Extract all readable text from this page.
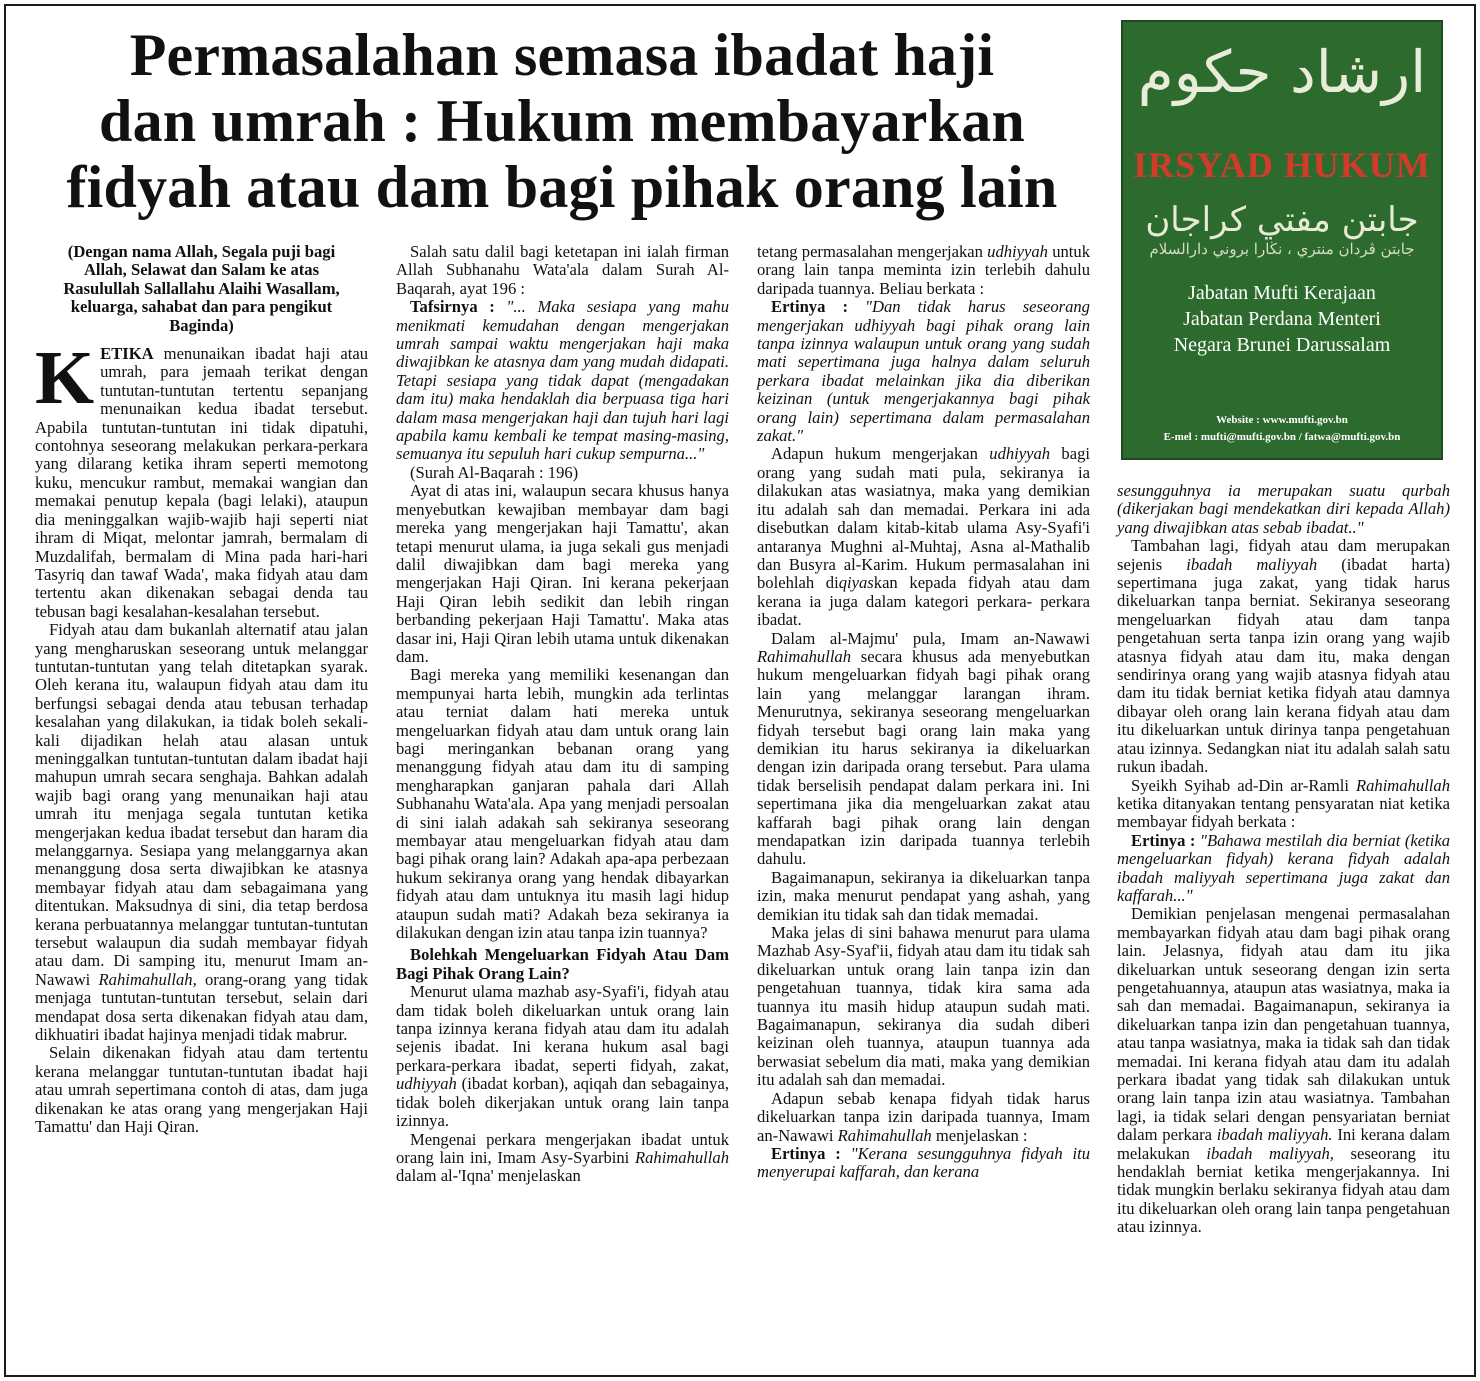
Permasalahan semasa ibadat haji
dan umrah : Hukum membayarkan
fidyah atau dam bagi pihak orang lain
ارشاد حكوم
IRSYAD HUKUM
جابتن مفتي كراجان
جابتن ڤردان منتري ، نڬارا بروني دارالسلام
Jabatan Mufti Kerajaan
Jabatan Perdana Menteri
Negara Brunei Darussalam
Website : www.mufti.gov.bn
E-mel : mufti@mufti.gov.bn / fatwa@mufti.gov.bn

(Dengan nama Allah, Segala puji bagi Allah, Selawat dan Salam ke atas Rasulullah Sallallahu Alaihi Wasallam, keluarga, sahabat dan para pengikut Baginda)

KETIKA menunaikan ibadat haji atau umrah, para jemaah terikat dengan tuntutan-tuntutan tertentu sepanjang menunaikan kedua ibadat tersebut. Apabila tuntutan-tuntutan ini tidak dipatuhi, contohnya seseorang melakukan perkara-perkara yang dilarang ketika ihram seperti memotong kuku, mencukur rambut, memakai wangian dan memakai penutup kepala (bagi lelaki), ataupun dia meninggalkan wajib-wajib haji seperti niat ihram di Miqat, melontar jamrah, bermalam di Muzdalifah, bermalam di Mina pada hari-hari Tasyriq dan tawaf Wada', maka fidyah atau dam tertentu akan dikenakan sebagai denda tau tebusan bagi kesalahan-kesalahan tersebut.

Fidyah atau dam bukanlah alternatif atau jalan yang mengharuskan seseorang untuk melanggar tuntutan-tuntutan yang telah ditetapkan syarak. Oleh kerana itu, walaupun fidyah atau dam itu berfungsi sebagai denda atau tebusan terhadap kesalahan yang dilakukan, ia tidak boleh sekali-kali dijadikan helah atau alasan untuk meninggalkan tuntutan-tuntutan dalam ibadat haji mahupun umrah secara senghaja. Bahkan adalah wajib bagi orang yang menunaikan haji atau umrah itu menjaga segala tuntutan ketika mengerjakan kedua ibadat tersebut dan haram dia melanggarnya. Sesiapa yang melanggarnya akan menanggung dosa serta diwajibkan ke atasnya membayar fidyah atau dam sebagaimana yang ditentukan. Maksudnya di sini, dia tetap berdosa kerana perbuatannya melanggar tuntutan-tuntutan tersebut walaupun dia sudah membayar fidyah atau dam. Di samping itu, menurut Imam an-Nawawi Rahimahullah, orang-orang yang tidak menjaga tuntutan-tuntutan tersebut, selain dari mendapat dosa serta dikenakan fidyah atau dam, dikhuatiri ibadat hajinya menjadi tidak mabrur.

Selain dikenakan fidyah atau dam tertentu kerana melanggar tuntutan-tuntutan ibadat haji atau umrah sepertimana contoh di atas, dam juga dikenakan ke atas orang yang mengerjakan Haji Tamattu' dan Haji Qiran.

Salah satu dalil bagi ketetapan ini ialah firman Allah Subhanahu Wata'ala dalam Surah Al-Baqarah, ayat 196 :

Tafsirnya : "... Maka sesiapa yang mahu menikmati kemudahan dengan mengerjakan umrah sampai waktu mengerjakan haji maka diwajibkan ke atasnya dam yang mudah didapati. Tetapi sesiapa yang tidak dapat (mengadakan dam itu) maka hendaklah dia berpuasa tiga hari dalam masa mengerjakan haji dan tujuh hari lagi apabila kamu kembali ke tempat masing-masing, semuanya itu sepuluh hari cukup sempurna..."

(Surah Al-Baqarah : 196)

Ayat di atas ini, walaupun secara khusus hanya menyebutkan kewajiban membayar dam bagi mereka yang mengerjakan haji Tamattu', akan tetapi menurut ulama, ia juga sekali gus menjadi dalil diwajibkan dam bagi mereka yang mengerjakan Haji Qiran. Ini kerana pekerjaan Haji Qiran lebih sedikit dan lebih ringan berbanding pekerjaan Haji Tamattu'. Maka atas dasar ini, Haji Qiran lebih utama untuk dikenakan dam.

Bagi mereka yang memiliki kesenangan dan mempunyai harta lebih, mungkin ada terlintas atau terniat dalam hati mereka untuk mengeluarkan fidyah atau dam untuk orang lain bagi meringankan bebanan orang yang menanggung fidyah atau dam itu di samping mengharapkan ganjaran pahala dari Allah Subhanahu Wata'ala. Apa yang menjadi persoalan di sini ialah adakah sah sekiranya seseorang membayar atau mengeluarkan fidyah atau dam bagi pihak orang lain? Adakah apa-apa perbezaan hukum sekiranya orang yang hendak dibayarkan fidyah atau dam untuknya itu masih lagi hidup ataupun sudah mati? Adakah beza sekiranya ia dilakukan dengan izin atau tanpa izin tuannya?

Bolehkah Mengeluarkan Fidyah Atau Dam Bagi Pihak Orang Lain?

Menurut ulama mazhab asy-Syafi'i, fidyah atau dam tidak boleh dikeluarkan untuk orang lain tanpa izinnya kerana fidyah atau dam itu adalah sejenis ibadat. Ini kerana hukum asal bagi perkara-perkara ibadat, seperti fidyah, zakat, udhiyyah (ibadat korban), aqiqah dan sebagainya, tidak boleh dikerjakan untuk orang lain tanpa izinnya.

Mengenai perkara mengerjakan ibadat untuk orang lain ini, Imam Asy-Syarbini Rahimahullah dalam al-'Iqna' menjelaskan

tetang permasalahan mengerjakan udhiyyah untuk orang lain tanpa meminta izin terlebih dahulu daripada tuannya. Beliau berkata :

Ertinya : "Dan tidak harus seseorang mengerjakan udhiyyah bagi pihak orang lain tanpa izinnya walaupun untuk orang yang sudah mati sepertimana juga halnya dalam seluruh perkara ibadat melainkan jika dia diberikan keizinan (untuk mengerjakannya bagi pihak orang lain) sepertimana dalam permasalahan zakat."

Adapun hukum mengerjakan udhiyyah bagi orang yang sudah mati pula, sekiranya ia dilakukan atas wasiatnya, maka yang demikian itu adalah sah dan memadai. Perkara ini ada disebutkan dalam kitab-kitab ulama Asy-Syafi'i antaranya Mughni al-Muhtaj, Asna al-Mathalib dan Busyra al-Karim. Hukum permasalahan ini bolehlah diqiyaskan kepada fidyah atau dam kerana ia juga dalam kategori perkara- perkara ibadat.

Dalam al-Majmu' pula, Imam an-Nawawi Rahimahullah secara khusus ada menyebutkan hukum mengeluarkan fidyah bagi pihak orang lain yang melanggar larangan ihram. Menurutnya, sekiranya seseorang mengeluarkan fidyah tersebut bagi orang lain maka yang demikian itu harus sekiranya ia dikeluarkan dengan izin daripada orang tersebut. Para ulama tidak berselisih pendapat dalam perkara ini. Ini sepertimana jika dia mengeluarkan zakat atau kaffarah bagi pihak orang lain dengan mendapatkan izin daripada tuannya terlebih dahulu.

Bagaimanapun, sekiranya ia dikeluarkan tanpa izin, maka menurut pendapat yang ashah, yang demikian itu tidak sah dan tidak memadai.

Maka jelas di sini bahawa menurut para ulama Mazhab Asy-Syaf'ii, fidyah atau dam itu tidak sah dikeluarkan untuk orang lain tanpa izin dan pengetahuan tuannya, tidak kira sama ada tuannya itu masih hidup ataupun sudah mati. Bagaimanapun, sekiranya dia sudah diberi keizinan oleh tuannya, ataupun tuannya ada berwasiat sebelum dia mati, maka yang demikian itu adalah sah dan memadai.

Adapun sebab kenapa fidyah tidak harus dikeluarkan tanpa izin daripada tuannya, Imam an-Nawawi Rahimahullah menjelaskan :

Ertinya : "Kerana sesungguhnya fidyah itu menyerupai kaffarah, dan kerana

sesungguhnya ia merupakan suatu qurbah (dikerjakan bagi mendekatkan diri kepada Allah) yang diwajibkan atas sebab ibadat.."

Tambahan lagi, fidyah atau dam merupakan sejenis ibadah maliyyah (ibadat harta) sepertimana juga zakat, yang tidak harus dikeluarkan tanpa berniat. Sekiranya seseorang mengeluarkan fidyah atau dam tanpa pengetahuan serta tanpa izin orang yang wajib atasnya fidyah atau dam itu, maka dengan sendirinya orang yang wajib atasnya fidyah atau dam itu tidak berniat ketika fidyah atau damnya dibayar oleh orang lain kerana fidyah atau dam itu dikeluarkan untuk dirinya tanpa pengetahuan atau izinnya. Sedangkan niat itu adalah salah satu rukun ibadah.

Syeikh Syihab ad-Din ar-Ramli Rahimahullah ketika ditanyakan tentang pensyaratan niat ketika membayar fidyah berkata :

Ertinya : "Bahawa mestilah dia berniat (ketika mengeluarkan fidyah) kerana fidyah adalah ibadah maliyyah sepertimana juga zakat dan kaffarah..."

Demikian penjelasan mengenai permasalahan membayarkan fidyah atau dam bagi pihak orang lain. Jelasnya, fidyah atau dam itu jika dikeluarkan untuk seseorang dengan izin serta pengetahuannya, ataupun atas wasiatnya, maka ia sah dan memadai. Bagaimanapun, sekiranya ia dikeluarkan tanpa izin dan pengetahuan tuannya, atau tanpa wasiatnya, maka ia tidak sah dan tidak memadai. Ini kerana fidyah atau dam itu adalah perkara ibadat yang tidak sah dilakukan untuk orang lain tanpa izin atau wasiatnya. Tambahan lagi, ia tidak selari dengan pensyariatan berniat dalam perkara ibadah maliyyah. Ini kerana dalam melakukan ibadah maliyyah, seseorang itu hendaklah berniat ketika mengerjakannya. Ini tidak mungkin berlaku sekiranya fidyah atau dam itu dikeluarkan oleh orang lain tanpa pengetahuan atau izinnya.
